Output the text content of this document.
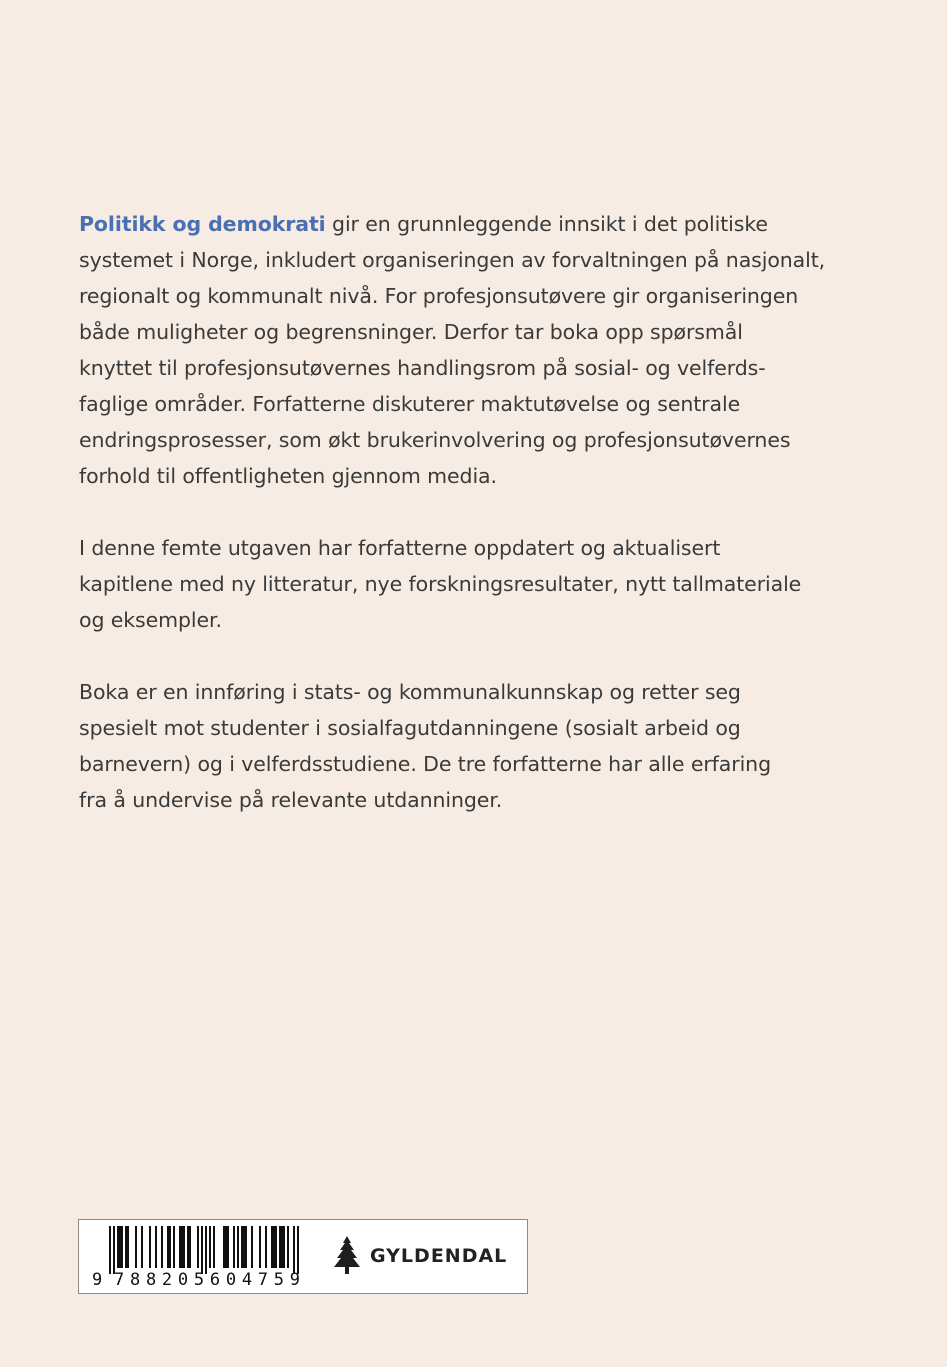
Politikk og demokrati gir en grunnleggende innsikt i det politiske

systemet i Norge, inkludert organiseringen av forvaltningen på nasjonalt,

regionalt og kommunalt nivå. For profesjonsutøvere gir organiseringen

både muligheter og begrensninger. Derfor tar boka opp spørsmål

knyttet til profesjonsutøvernes handlingsrom på sosial- og velferds-

faglige områder. Forfatterne diskuterer maktutøvelse og sentrale

endringsprosesser, som økt brukerinvolvering og profesjonsutøvernes

forhold til offentligheten gjennom media.

I denne femte utgaven har forfatterne oppdatert og aktualisert

kapitlene med ny litteratur, nye forskningsresultater, nytt tallmateriale

og eksempler.

Boka er en innføring i stats- og kommunalkunnskap og retter seg

spesielt mot studenter i sosialfagutdanningene (sosialt arbeid og

barnevern) og i velferdsstudiene. De tre forfatterne har alle erfaring

fra å undervise på relevante utdanninger.

9 788205604759
GYLDENDAL
